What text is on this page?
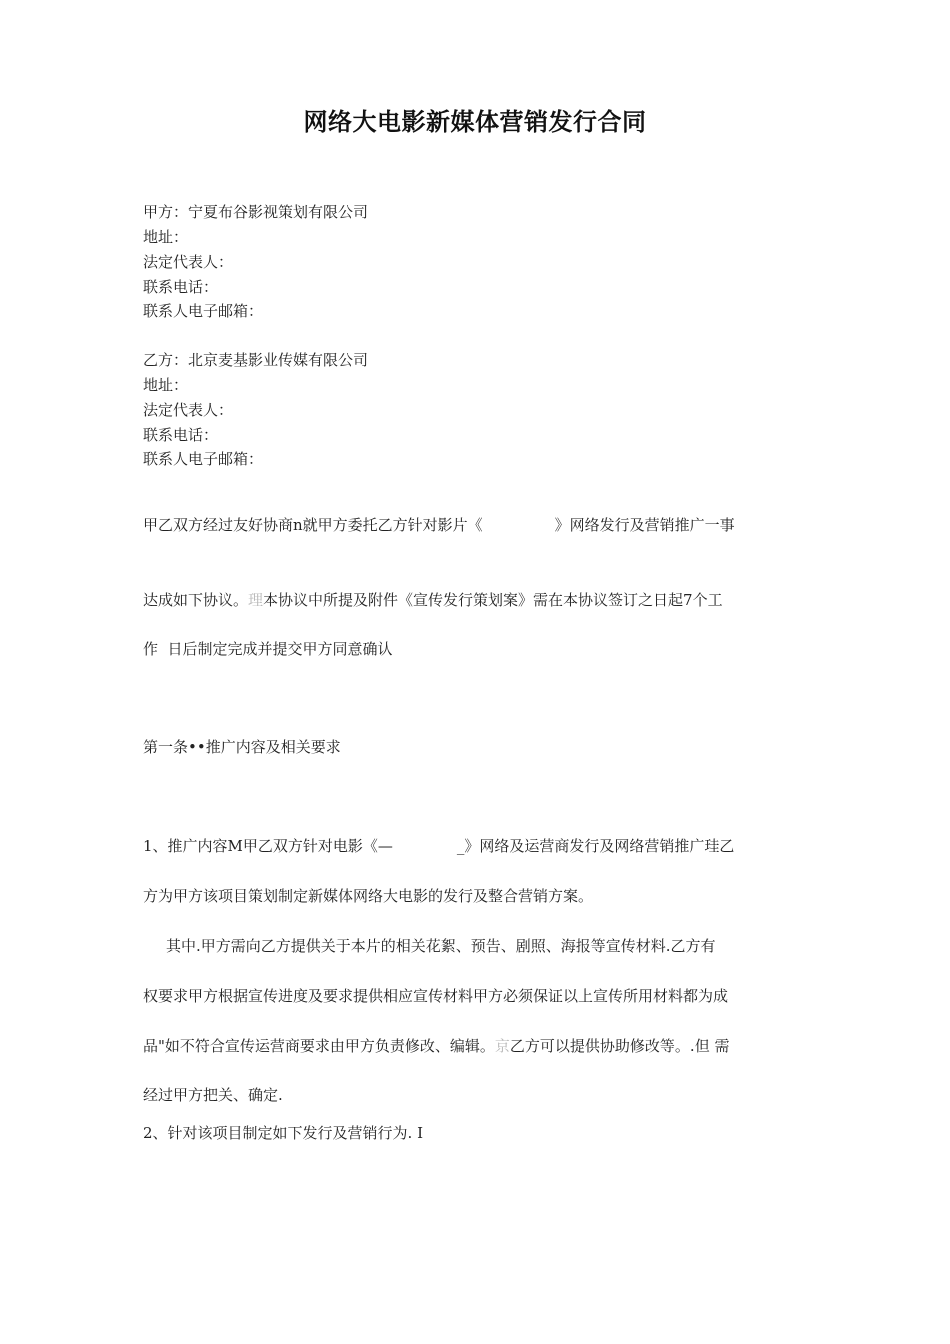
网络大电影新媒体营销发行合同
甲方：宁夏布谷影视策划有限公司
地址：
法定代表人：
联系电话：
联系人电子邮箱：
乙方：北京麦基影业传媒有限公司
地址：
法定代表人：
联系电话：
联系人电子邮箱：
甲乙双方经过友好协商n就甲方委托乙方针对影片《	》网络发行及营销推广一事
达成如下协议。理本协议中所提及附件《宣传发行策划案》需在本协议签订之日起7个工
作  日后制定完成并提交甲方同意确认
第一条••推广内容及相关要求
1、推广内容M甲乙双方针对电影《—	_》网络及运营商发行及网络营销推广珪乙
方为甲方该项目策划制定新媒体网络大电影的发行及整合营销方案。
其中.甲方需向乙方提供关于本片的相关花絮、预告、剧照、海报等宣传材料.乙方有
权要求甲方根据宣传进度及要求提供相应宣传材料甲方必须保证以上宣传所用材料都为成
品"如不符合宣传运营商要求由甲方负责修改、编辑。京乙方可以提供协助修改等。.但 需
经过甲方把关、确定.
2、针对该项目制定如下发行及营销行为. I
